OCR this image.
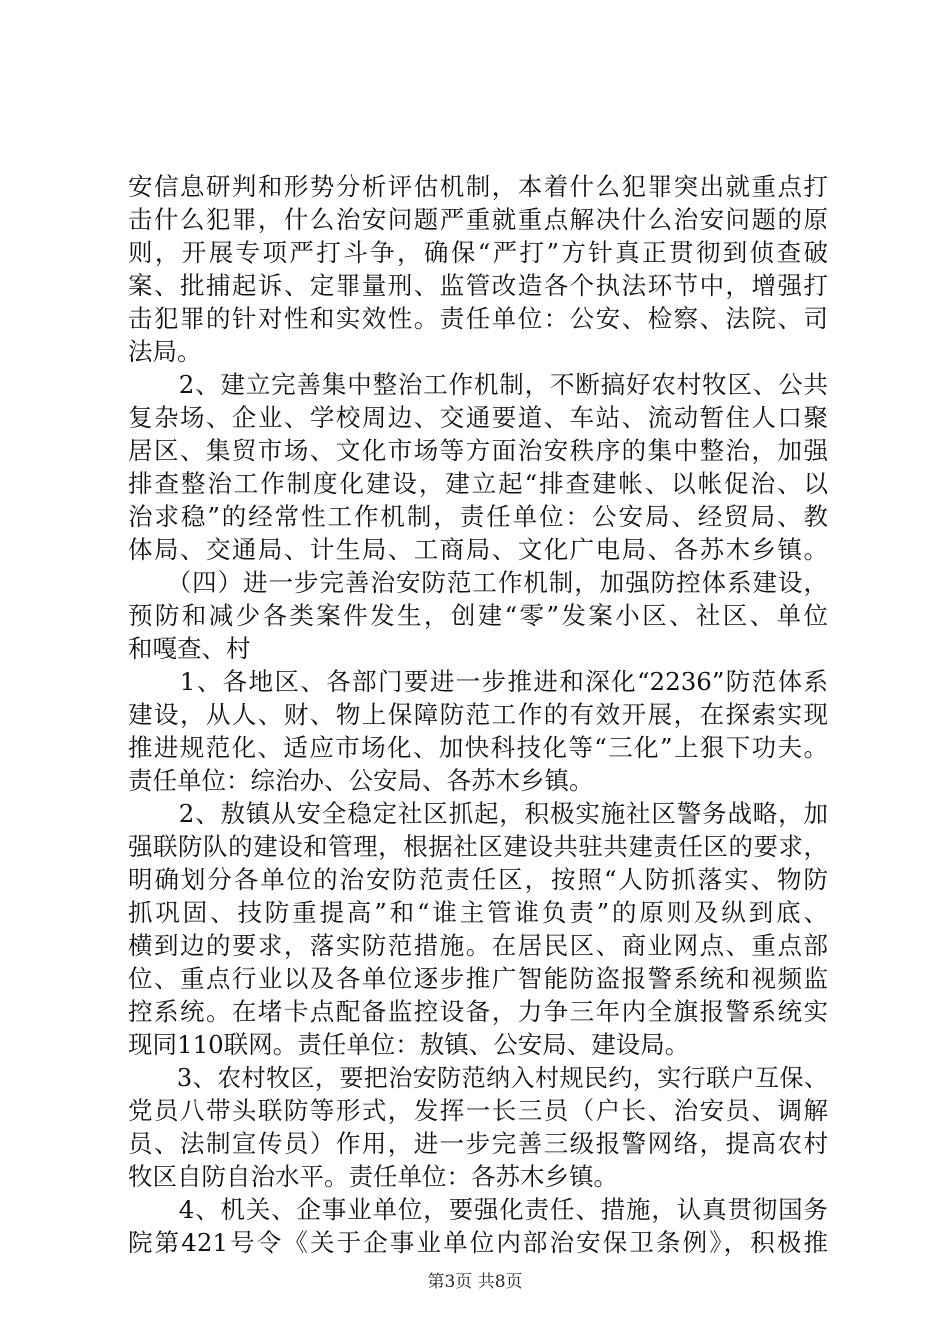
安信息研判和形势分析评估机制，本着什么犯罪突出就重点打
击什么犯罪，什么治安问题严重就重点解决什么治安问题的原
则，开展专项严打斗争，确保“严打”方针真正贯彻到侦查破
案、批捕起诉、定罪量刑、监管改造各个执法环节中，增强打
击犯罪的针对性和实效性。责任单位：公安、检察、法院、司
法局。
　　2、建立完善集中整治工作机制，不断搞好农村牧区、公共
复杂场、企业、学校周边、交通要道、车站、流动暂住人口聚
居区、集贸市场、文化市场等方面治安秩序的集中整治，加强
排查整治工作制度化建设，建立起“排查建帐、以帐促治、以
治求稳”的经常性工作机制，责任单位：公安局、经贸局、教
体局、交通局、计生局、工商局、文化广电局、各苏木乡镇。
　　（四）进一步完善治安防范工作机制，加强防控体系建设，
预防和减少各类案件发生，创建“零”发案小区、社区、单位
和嘎查、村
　　1、各地区、各部门要进一步推进和深化“2236”防范体系
建设，从人、财、物上保障防范工作的有效开展，在探索实现
推进规范化、适应市场化、加快科技化等“三化”上狠下功夫。
责任单位：综治办、公安局、各苏木乡镇。
　　2、敖镇从安全稳定社区抓起，积极实施社区警务战略，加
强联防队的建设和管理，根据社区建设共驻共建责任区的要求，
明确划分各单位的治安防范责任区，按照“人防抓落实、物防
抓巩固、技防重提高”和“谁主管谁负责”的原则及纵到底、
横到边的要求，落实防范措施。在居民区、商业网点、重点部
位、重点行业以及各单位逐步推广智能防盗报警系统和视频监
控系统。在堵卡点配备监控设备，力争三年内全旗报警系统实
现同110联网。责任单位：敖镇、公安局、建设局。
　　3、农村牧区，要把治安防范纳入村规民约，实行联户互保、
党员八带头联防等形式，发挥一长三员（户长、治安员、调解
员、法制宣传员）作用，进一步完善三级报警网络，提高农村
牧区自防自治水平。责任单位：各苏木乡镇。
　　4、机关、企事业单位，要强化责任、措施，认真贯彻国务
院第421号令《关于企事业单位内部治安保卫条例》，积极推
第3页 共8页
